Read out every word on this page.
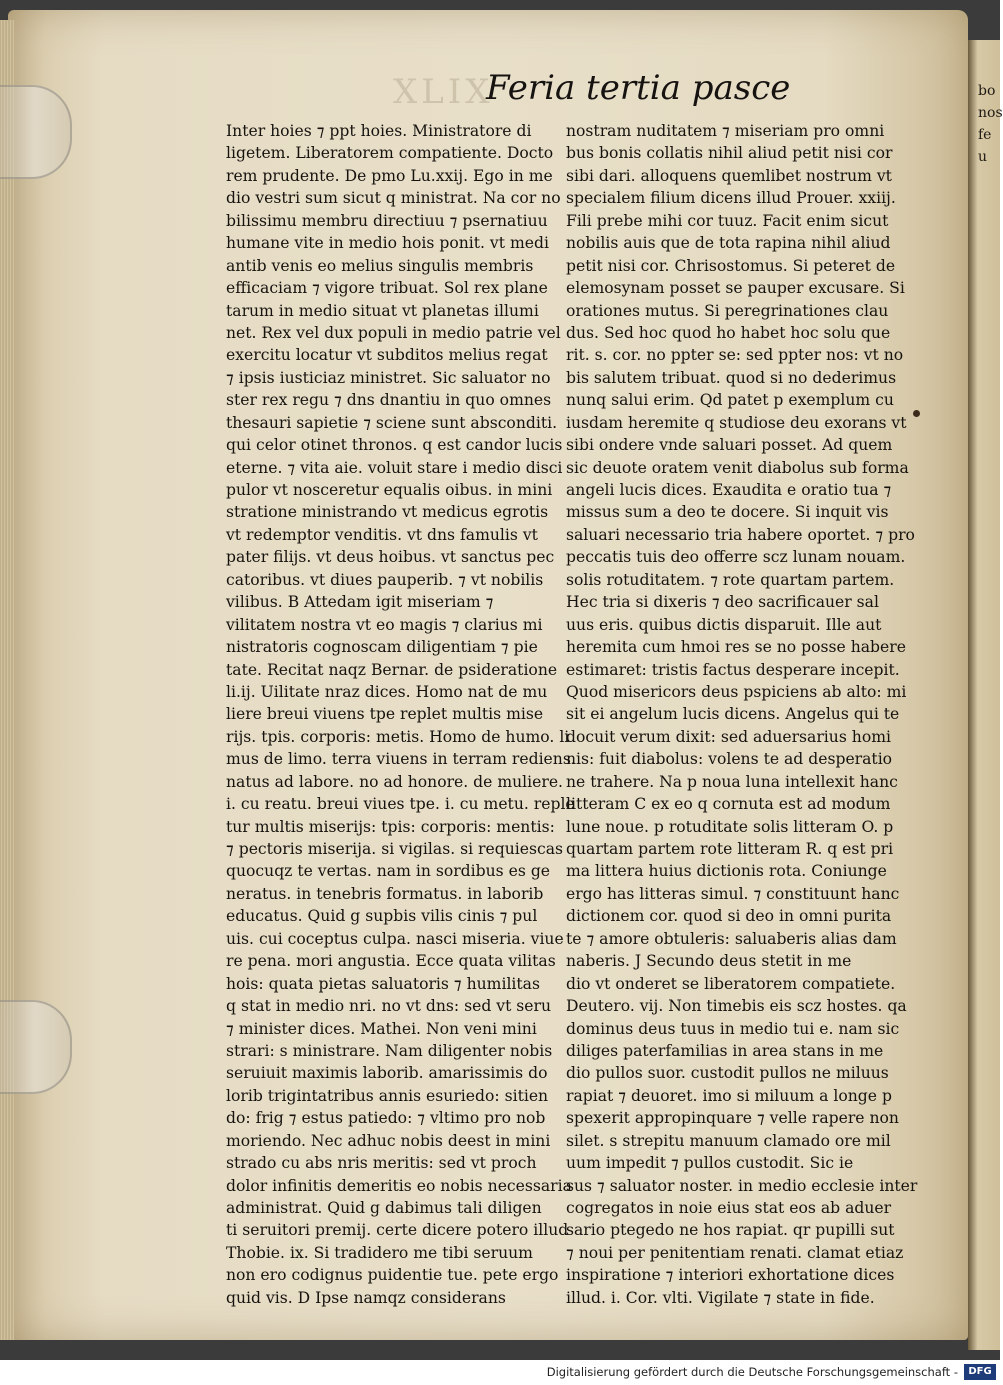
XLIX
Feria tertia pasce
Inter hoies ⁊ ppt hoies. Ministratore di
ligetem. Liberatorem compatiente. Docto
rem prudente. De pmo Lu.xxij. Ego in me
dio vestri sum sicut q ministrat. Na cor no
bilissimu membru directiuu ⁊ psernatiuu
humane vite in medio hois ponit. vt medi
antib venis eo melius singulis membris
efficaciam ⁊ vigore tribuat. Sol rex plane
tarum in medio situat vt planetas illumi
net. Rex vel dux populi in medio patrie vel
exercitu locatur vt subditos melius regat
⁊ ipsis iusticiaz ministret. Sic saluator no
ster rex regu ⁊ dns dnantiu in quo omnes
thesauri sapietie ⁊ sciene sunt absconditi.
qui celor otinet thronos. q est candor lucis
eterne. ⁊ vita aie. voluit stare i medio disci
pulor vt nosceretur equalis oibus. in mini
stratione ministrando vt medicus egrotis
vt redemptor venditis. vt dns famulis vt
pater filijs. vt deus hoibus. vt sanctus pec
catoribus. vt diues pauperib. ⁊ vt nobilis
vilibus. B Attedam igit miseriam ⁊
vilitatem nostra vt eo magis ⁊ clarius mi
nistratoris cognoscam diligentiam ⁊ pie
tate. Recitat naqz Bernar. de psideratione
li.ij. Uilitate nraz dices. Homo nat de mu
liere breui viuens tpe replet multis mise
rijs. tpis. corporis: metis. Homo de humo. li
mus de limo. terra viuens in terram rediens.
natus ad labore. no ad honore. de muliere.
i. cu reatu. breui viues tpe. i. cu metu. reple
tur multis miserijs: tpis: corporis: mentis:
⁊ pectoris miserija. si vigilas. si requiescas
quocuqz te vertas. nam in sordibus es ge
neratus. in tenebris formatus. in laborib
educatus. Quid g supbis vilis cinis ⁊ pul
uis. cui coceptus culpa. nasci miseria. viue
re pena. mori angustia. Ecce quata vilitas
hois: quata pietas saluatoris ⁊ humilitas
q stat in medio nri. no vt dns: sed vt seru
⁊ minister dices. Mathei. Non veni mini
strari: s ministrare. Nam diligenter nobis
seruiuit maximis laborib. amarissimis do
lorib trigintatribus annis esuriedo: sitien
do: frig ⁊ estus patiedo: ⁊ vltimo pro nob
moriendo. Nec adhuc nobis deest in mini
strado cu abs nris meritis: sed vt proch
dolor infinitis demeritis eo nobis necessaria
administrat. Quid g dabimus tali diligen
ti seruitori premij. certe dicere potero illud
Thobie. ix. Si tradidero me tibi seruum
non ero codignus puidentie tue. pete ergo
quid vis. D Ipse namqz considerans
nostram nuditatem ⁊ miseriam pro omni
bus bonis collatis nihil aliud petit nisi cor
sibi dari. alloquens quemlibet nostrum vt
specialem filium dicens illud Prouer. xxiij.
Fili prebe mihi cor tuuz. Facit enim sicut
nobilis auis que de tota rapina nihil aliud
petit nisi cor. Chrisostomus. Si peteret de
elemosynam posset se pauper excusare. Si
orationes mutus. Si peregrinationes clau
dus. Sed hoc quod ho habet hoc solu que
rit. s. cor. no ppter se: sed ppter nos: vt no
bis salutem tribuat. quod si no dederimus
nunq salui erim. Qd patet p exemplum cu
iusdam heremite q studiose deu exorans vt
sibi ondere vnde saluari posset. Ad quem
sic deuote oratem venit diabolus sub forma
angeli lucis dices. Exaudita e oratio tua ⁊
missus sum a deo te docere. Si inquit vis
saluari necessario tria habere oportet. ⁊ pro
peccatis tuis deo offerre scz lunam nouam.
solis rotuditatem. ⁊ rote quartam partem.
Hec tria si dixeris ⁊ deo sacrificauer sal
uus eris. quibus dictis disparuit. Ille aut
heremita cum hmoi res se no posse habere
estimaret: tristis factus desperare incepit.
Quod misericors deus pspiciens ab alto: mi
sit ei angelum lucis dicens. Angelus qui te
docuit verum dixit: sed aduersarius homi
nis: fuit diabolus: volens te ad desperatio
ne trahere. Na p noua luna intellexit hanc
litteram C ex eo q cornuta est ad modum
lune noue. p rotuditate solis litteram O. p
quartam partem rote litteram R. q est pri
ma littera huius dictionis rota. Coniunge
ergo has litteras simul. ⁊ constituunt hanc
dictionem cor. quod si deo in omni purita
te ⁊ amore obtuleris: saluaberis alias dam
naberis. J Secundo deus stetit in me
dio vt onderet se liberatorem compatiete.
Deutero. vij. Non timebis eis scz hostes. qa
dominus deus tuus in medio tui e. nam sic
diliges paterfamilias in area stans in me
dio pullos suor. custodit pullos ne miluus
rapiat ⁊ deuoret. imo si miluum a longe p
spexerit appropinquare ⁊ velle rapere non
silet. s strepitu manuum clamado ore mil
uum impedit ⁊ pullos custodit. Sic ie
sus ⁊ saluator noster. in medio ecclesie inter
cogregatos in noie eius stat eos ab aduer
sario ptegedo ne hos rapiat. qr pupilli sut
⁊ noui per penitentiam renati. clamat etiaz
inspiratione ⁊ interiori exhortatione dices
illud. i. Cor. vlti. Vigilate ⁊ state in fide.
bo
nos
fe
u
Digitalisierung gefördert durch die Deutsche Forschungsgemeinschaft -	DFG
